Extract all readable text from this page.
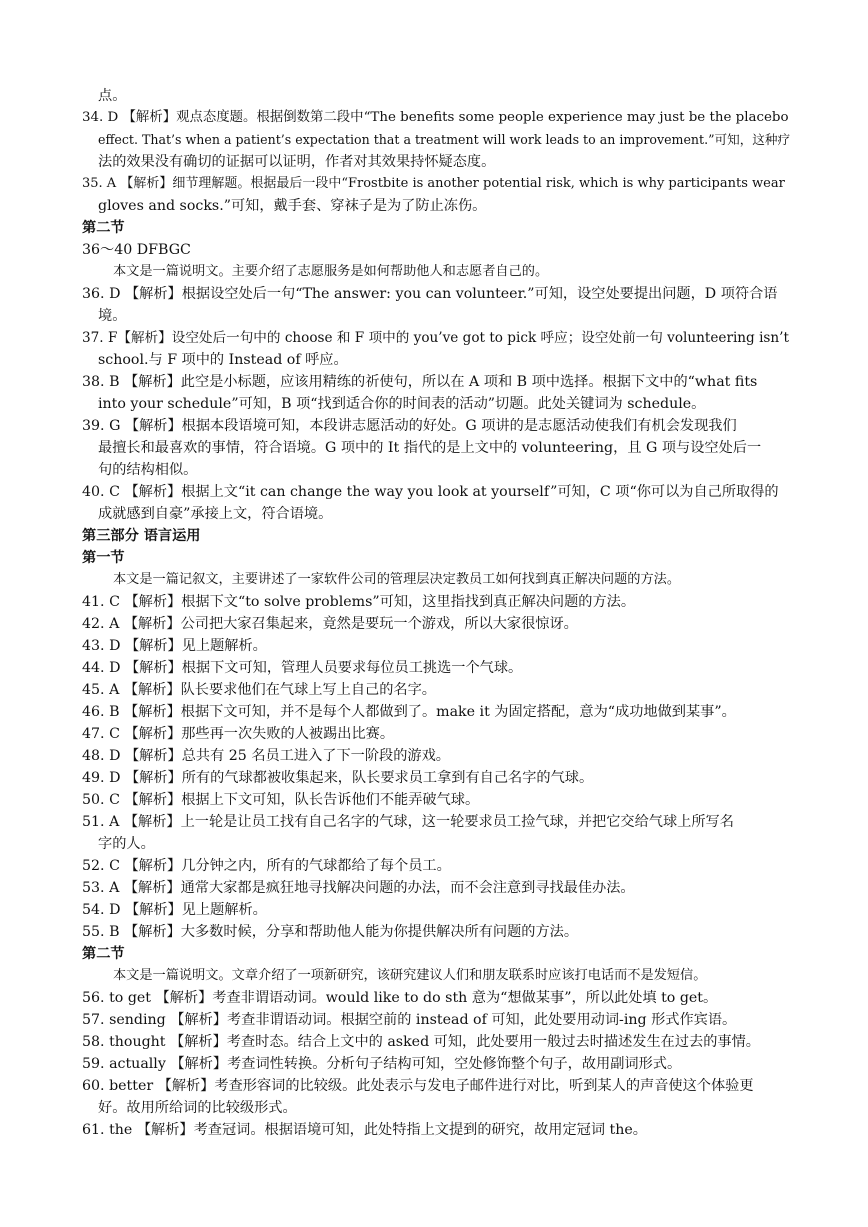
点。
34. D 【解析】观点态度题。根据倒数第二段中“The benefits some people experience may just be the placebo
effect. That’s when a patient’s expectation that a treatment will work leads to an improvement.”可知，这种疗
法的效果没有确切的证据可以证明，作者对其效果持怀疑态度。
35. A 【解析】细节理解题。根据最后一段中“Frostbite is another potential risk, which is why participants wear
gloves and socks.”可知，戴手套、穿袜子是为了防止冻伤。
第二节
36～40 DFBGC
本文是一篇说明文。主要介绍了志愿服务是如何帮助他人和志愿者自己的。
36. D 【解析】根据设空处后一句“The answer: you can volunteer.”可知，设空处要提出问题，D 项符合语
境。
37. F【解析】设空处后一句中的 choose 和 F 项中的 you’ve got to pick 呼应；设空处前一句 volunteering isn’t
school.与 F 项中的 Instead of 呼应。
38. B 【解析】此空是小标题，应该用精练的祈使句，所以在 A 项和 B 项中选择。根据下文中的“what fits
into your schedule”可知，B 项“找到适合你的时间表的活动”切题。此处关键词为 schedule。
39. G 【解析】根据本段语境可知，本段讲志愿活动的好处。G 项讲的是志愿活动使我们有机会发现我们
最擅长和最喜欢的事情，符合语境。G 项中的 It 指代的是上文中的 volunteering，且 G 项与设空处后一
句的结构相似。
40. C 【解析】根据上文“it can change the way you look at yourself”可知，C 项“你可以为自己所取得的
成就感到自豪”承接上文，符合语境。
第三部分 语言运用
第一节
本文是一篇记叙文，主要讲述了一家软件公司的管理层决定教员工如何找到真正解决问题的方法。
41. C 【解析】根据下文“to solve problems”可知，这里指找到真正解决问题的方法。
42. A 【解析】公司把大家召集起来，竟然是要玩一个游戏，所以大家很惊讶。
43. D 【解析】见上题解析。
44. D 【解析】根据下文可知，管理人员要求每位员工挑选一个气球。
45. A 【解析】队长要求他们在气球上写上自己的名字。
46. B 【解析】根据下文可知，并不是每个人都做到了。make it 为固定搭配，意为“成功地做到某事”。
47. C 【解析】那些再一次失败的人被踢出比赛。
48. D 【解析】总共有 25 名员工进入了下一阶段的游戏。
49. D 【解析】所有的气球都被收集起来，队长要求员工拿到有自己名字的气球。
50. C 【解析】根据上下文可知，队长告诉他们不能弄破气球。
51. A 【解析】上一轮是让员工找有自己名字的气球，这一轮要求员工捡气球，并把它交给气球上所写名
字的人。
52. C 【解析】几分钟之内，所有的气球都给了每个员工。
53. A 【解析】通常大家都是疯狂地寻找解决问题的办法，而不会注意到寻找最佳办法。
54. D 【解析】见上题解析。
55. B 【解析】大多数时候，分享和帮助他人能为你提供解决所有问题的方法。
第二节
本文是一篇说明文。文章介绍了一项新研究，该研究建议人们和朋友联系时应该打电话而不是发短信。
56. to get 【解析】考查非谓语动词。would like to do sth 意为“想做某事”，所以此处填 to get。
57. sending 【解析】考查非谓语动词。根据空前的 instead of 可知，此处要用动词-ing 形式作宾语。
58. thought 【解析】考查时态。结合上文中的 asked 可知，此处要用一般过去时描述发生在过去的事情。
59. actually 【解析】考查词性转换。分析句子结构可知，空处修饰整个句子，故用副词形式。
60. better 【解析】考查形容词的比较级。此处表示与发电子邮件进行对比，听到某人的声音使这个体验更
好。故用所给词的比较级形式。
61. the 【解析】考查冠词。根据语境可知，此处特指上文提到的研究，故用定冠词 the。
